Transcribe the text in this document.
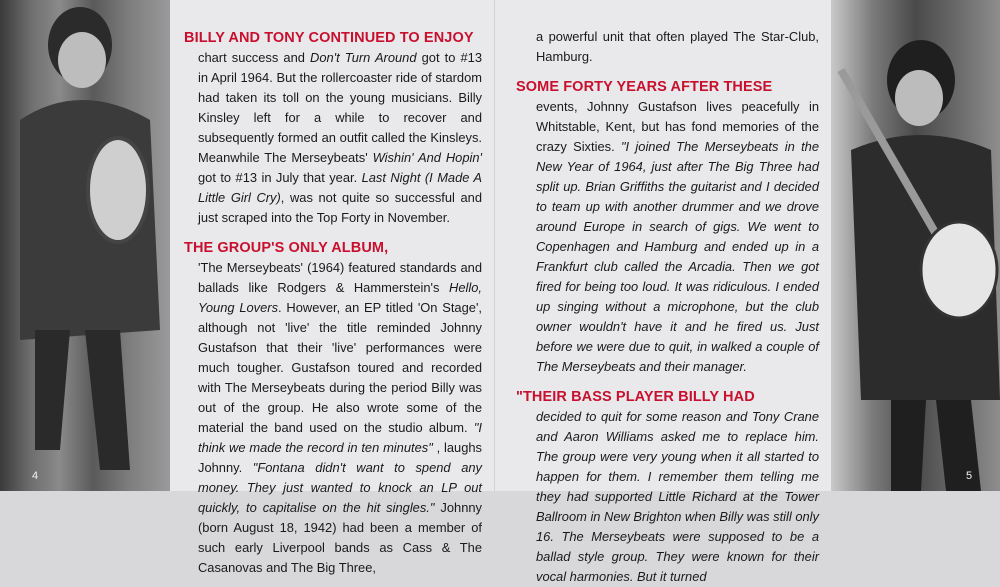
4
BILLY AND TONY CONTINUED TO ENJOY

chart success and Don't Turn Around got to #13 in April 1964. But the rollercoaster ride of stardom had taken its toll on the young musicians. Billy Kinsley left for a while to recover and subsequently formed an outfit called the Kinsleys. Meanwhile The Merseybeats' Wishin' And Hopin' got to #13 in July that year. Last Night (I Made A Little Girl Cry), was not quite so successful and just scraped into the Top Forty in November.

THE GROUP'S ONLY ALBUM,

'The Merseybeats' (1964) featured standards and ballads like Rodgers & Hammerstein's Hello, Young Lovers. However, an EP titled 'On Stage', although not 'live' the title reminded Johnny Gustafson that their 'live' performances were much tougher. Gustafson toured and recorded with The Merseybeats during the period Billy was out of the group. He also wrote some of the material the band used on the studio album. "I think we made the record in ten minutes" , laughs Johnny. "Fontana didn't want to spend any money. They just wanted to knock an LP out quickly, to capitalise on the hit singles." Johnny (born August 18, 1942) had been a member of such early Liverpool bands as Cass & The Casanovas and The Big Three,

a powerful unit that often played The Star-Club, Hamburg.

SOME FORTY YEARS AFTER THESE

events, Johnny Gustafson lives peacefully in Whitstable, Kent, but has fond memories of the crazy Sixties. "I joined The Merseybeats in the New Year of 1964, just after The Big Three had split up. Brian Griffiths the guitarist and I decided to team up with another drummer and we drove around Europe in search of gigs. We went to Copenhagen and Hamburg and ended up in a Frankfurt club called the Arcadia. Then we got fired for being too loud. It was ridiculous. I ended up singing without a microphone, but the club owner wouldn't have it and he fired us. Just before we were due to quit, in walked a couple of The Merseybeats and their manager.

"THEIR BASS PLAYER BILLY HAD

decided to quit for some reason and Tony Crane and Aaron Williams asked me to replace him. The group were very young when it all started to happen for them. I remember them telling me they had supported Little Richard at the Tower Ballroom in New Brighton when Billy was still only 16. The Merseybeats were supposed to be a ballad style group. They were known for their vocal harmonies. But it turned

5
